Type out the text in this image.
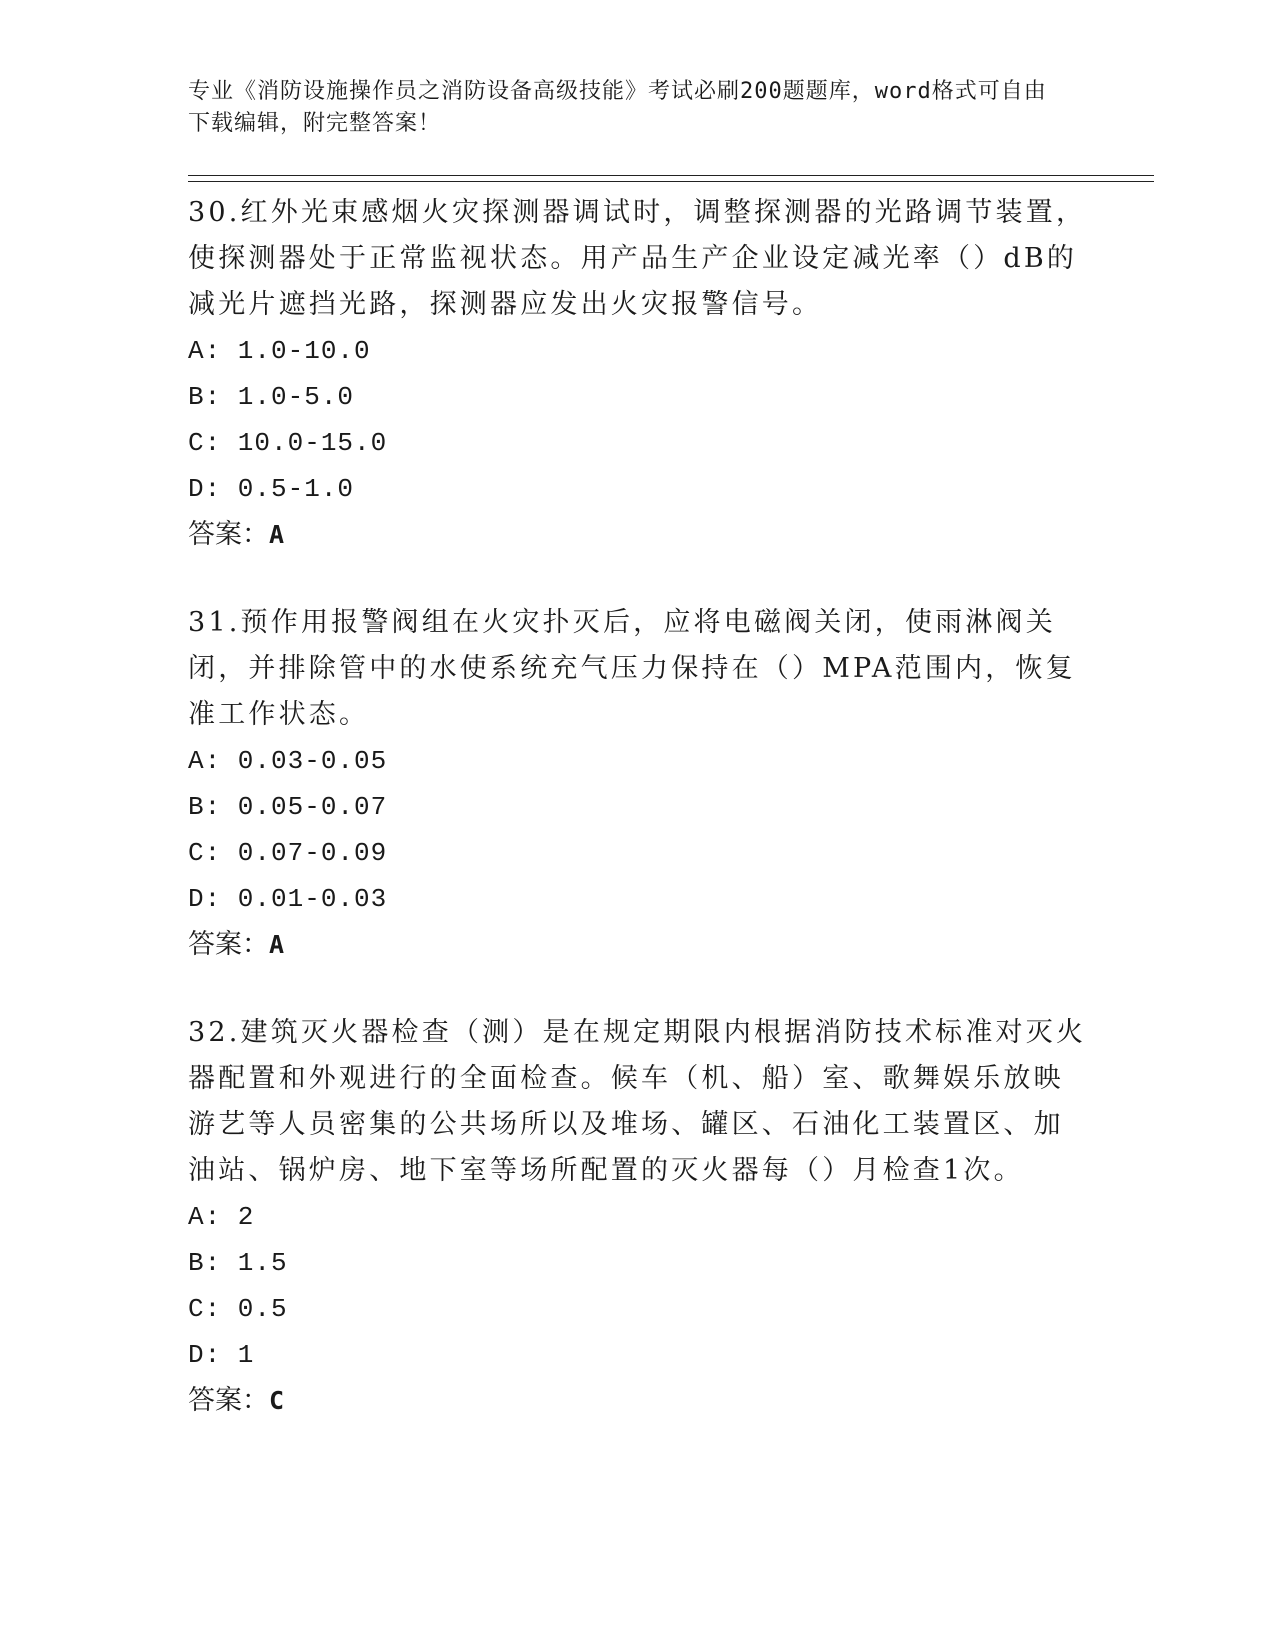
专业《消防设施操作员之消防设备高级技能》考试必刷200题题库，word格式可自由下载编辑，附完整答案！

30.红外光束感烟火灾探测器调试时，调整探测器的光路调节装置，使探测器处于正常监视状态。用产品生产企业设定减光率（）dB的减光片遮挡光路，探测器应发出火灾报警信号。

A: 1.0-10.0
B: 1.0-5.0
C: 10.0-15.0
D: 0.5-1.0

答案：A

31.预作用报警阀组在火灾扑灭后，应将电磁阀关闭，使雨淋阀关闭，并排除管中的水使系统充气压力保持在（）MPA范围内，恢复准工作状态。

A: 0.03-0.05
B: 0.05-0.07
C: 0.07-0.09
D: 0.01-0.03

答案：A

32.建筑灭火器检查（测）是在规定期限内根据消防技术标准对灭火器配置和外观进行的全面检查。候车（机、船）室、歌舞娱乐放映游艺等人员密集的公共场所以及堆场、罐区、石油化工装置区、加油站、锅炉房、地下室等场所配置的灭火器每（）月检查1次。

A: 2
B: 1.5
C: 0.5
D: 1

答案：C
